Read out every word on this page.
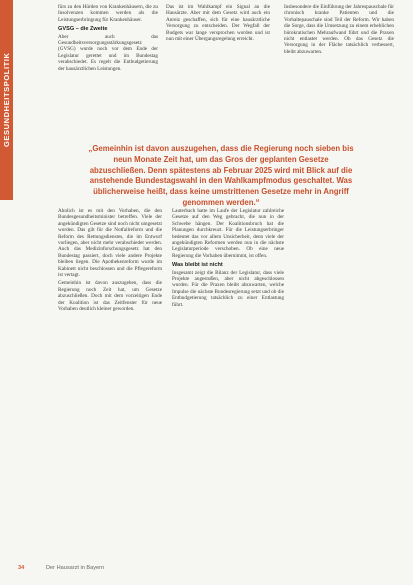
GESUNDHEITSPOLITIK

fürs zu den Hürden von Krankenhäusern, die zu Insolvenzen kommen werden als die Leistungserbringung für Krankenhäuser.

GVSG – die Zweite

Aber auch das Gesundheitsversorgungsstärkungsgesetz (GVSG) wurde noch vor dem Ende der Legislatur gerettet und im Bundestag verabschiedet. Es regelt die Entbudgetierung der hausärztlichen Leistungen.

Das ist im Wahlkampf ein Signal an die Hausärzte. Aber mit dem Gesetz wird auch ein Anreiz geschaffen, sich für eine hausärztliche Versorgung zu entscheiden. Der Wegfall der Budgets war lange versprochen worden und ist nun mit einer Übergangsregelung erreicht.

Insbesondere die Einführung der Jahrespauschale für chronisch kranke Patienten und die Vorhaltepauschale sind Teil der Reform. Wir haben die Sorge, dass die Umsetzung zu einem erheblichen bürokratischen Mehraufwand führt und die Praxen nicht entlastet werden. Ob das Gesetz die Versorgung in der Fläche tatsächlich verbessert, bleibt abzuwarten.

„Gemeinhin ist davon auszugehen, dass die Regierung noch sieben bis neun Monate Zeit hat, um das Gros der geplanten Gesetze abzuschließen. Denn spätestens ab Februar 2025 wird mit Blick auf die anstehende Bundestagswahl in den Wahlkampfmodus geschaltet. Was üblicherweise heißt, dass keine umstrittenen Gesetze mehr in Angriff genommen werden.“

Ähnlich ist es mit den Vorhaben, die den Bundesgesundheitsminister betreffen. Viele der angekündigten Gesetze sind noch nicht umgesetzt worden. Das gilt für die Notfallreform und die Reform des Rettungsdienstes, die im Entwurf vorliegen, aber nicht mehr verabschiedet werden. Auch das Medizinforschungsgesetz hat den Bundestag passiert, doch viele andere Projekte bleiben liegen. Die Apothekenreform wurde im Kabinett nicht beschlossen und die Pflegereform ist vertagt.

Gemeinhin ist davon auszugehen, dass die Regierung noch Zeit hat, um Gesetze abzuschließen. Doch mit dem vorzeitigen Ende der Koalition ist das Zeitfenster für neue Vorhaben deutlich kleiner geworden.

Lauterbach hatte im Laufe der Legislatur zahlreiche Gesetze auf den Weg gebracht, die nun in der Schwebe hängen. Der Koalitionsbruch hat die Planungen durchkreuzt. Für die Leistungserbringer bedeutet das vor allem Unsicherheit, denn viele der angekündigten Reformen werden nun in die nächste Legislaturperiode verschoben. Ob eine neue Regierung die Vorhaben übernimmt, ist offen.

Was bleibt ist nicht

Insgesamt zeigt die Bilanz der Legislatur, dass viele Projekte angestoßen, aber nicht abgeschlossen wurden. Für die Praxen bleibt abzuwarten, welche Impulse die nächste Bundesregierung setzt und ob die Entbudgetierung tatsächlich zu einer Entlastung führt.

34	Der Hausarzt in Bayern
